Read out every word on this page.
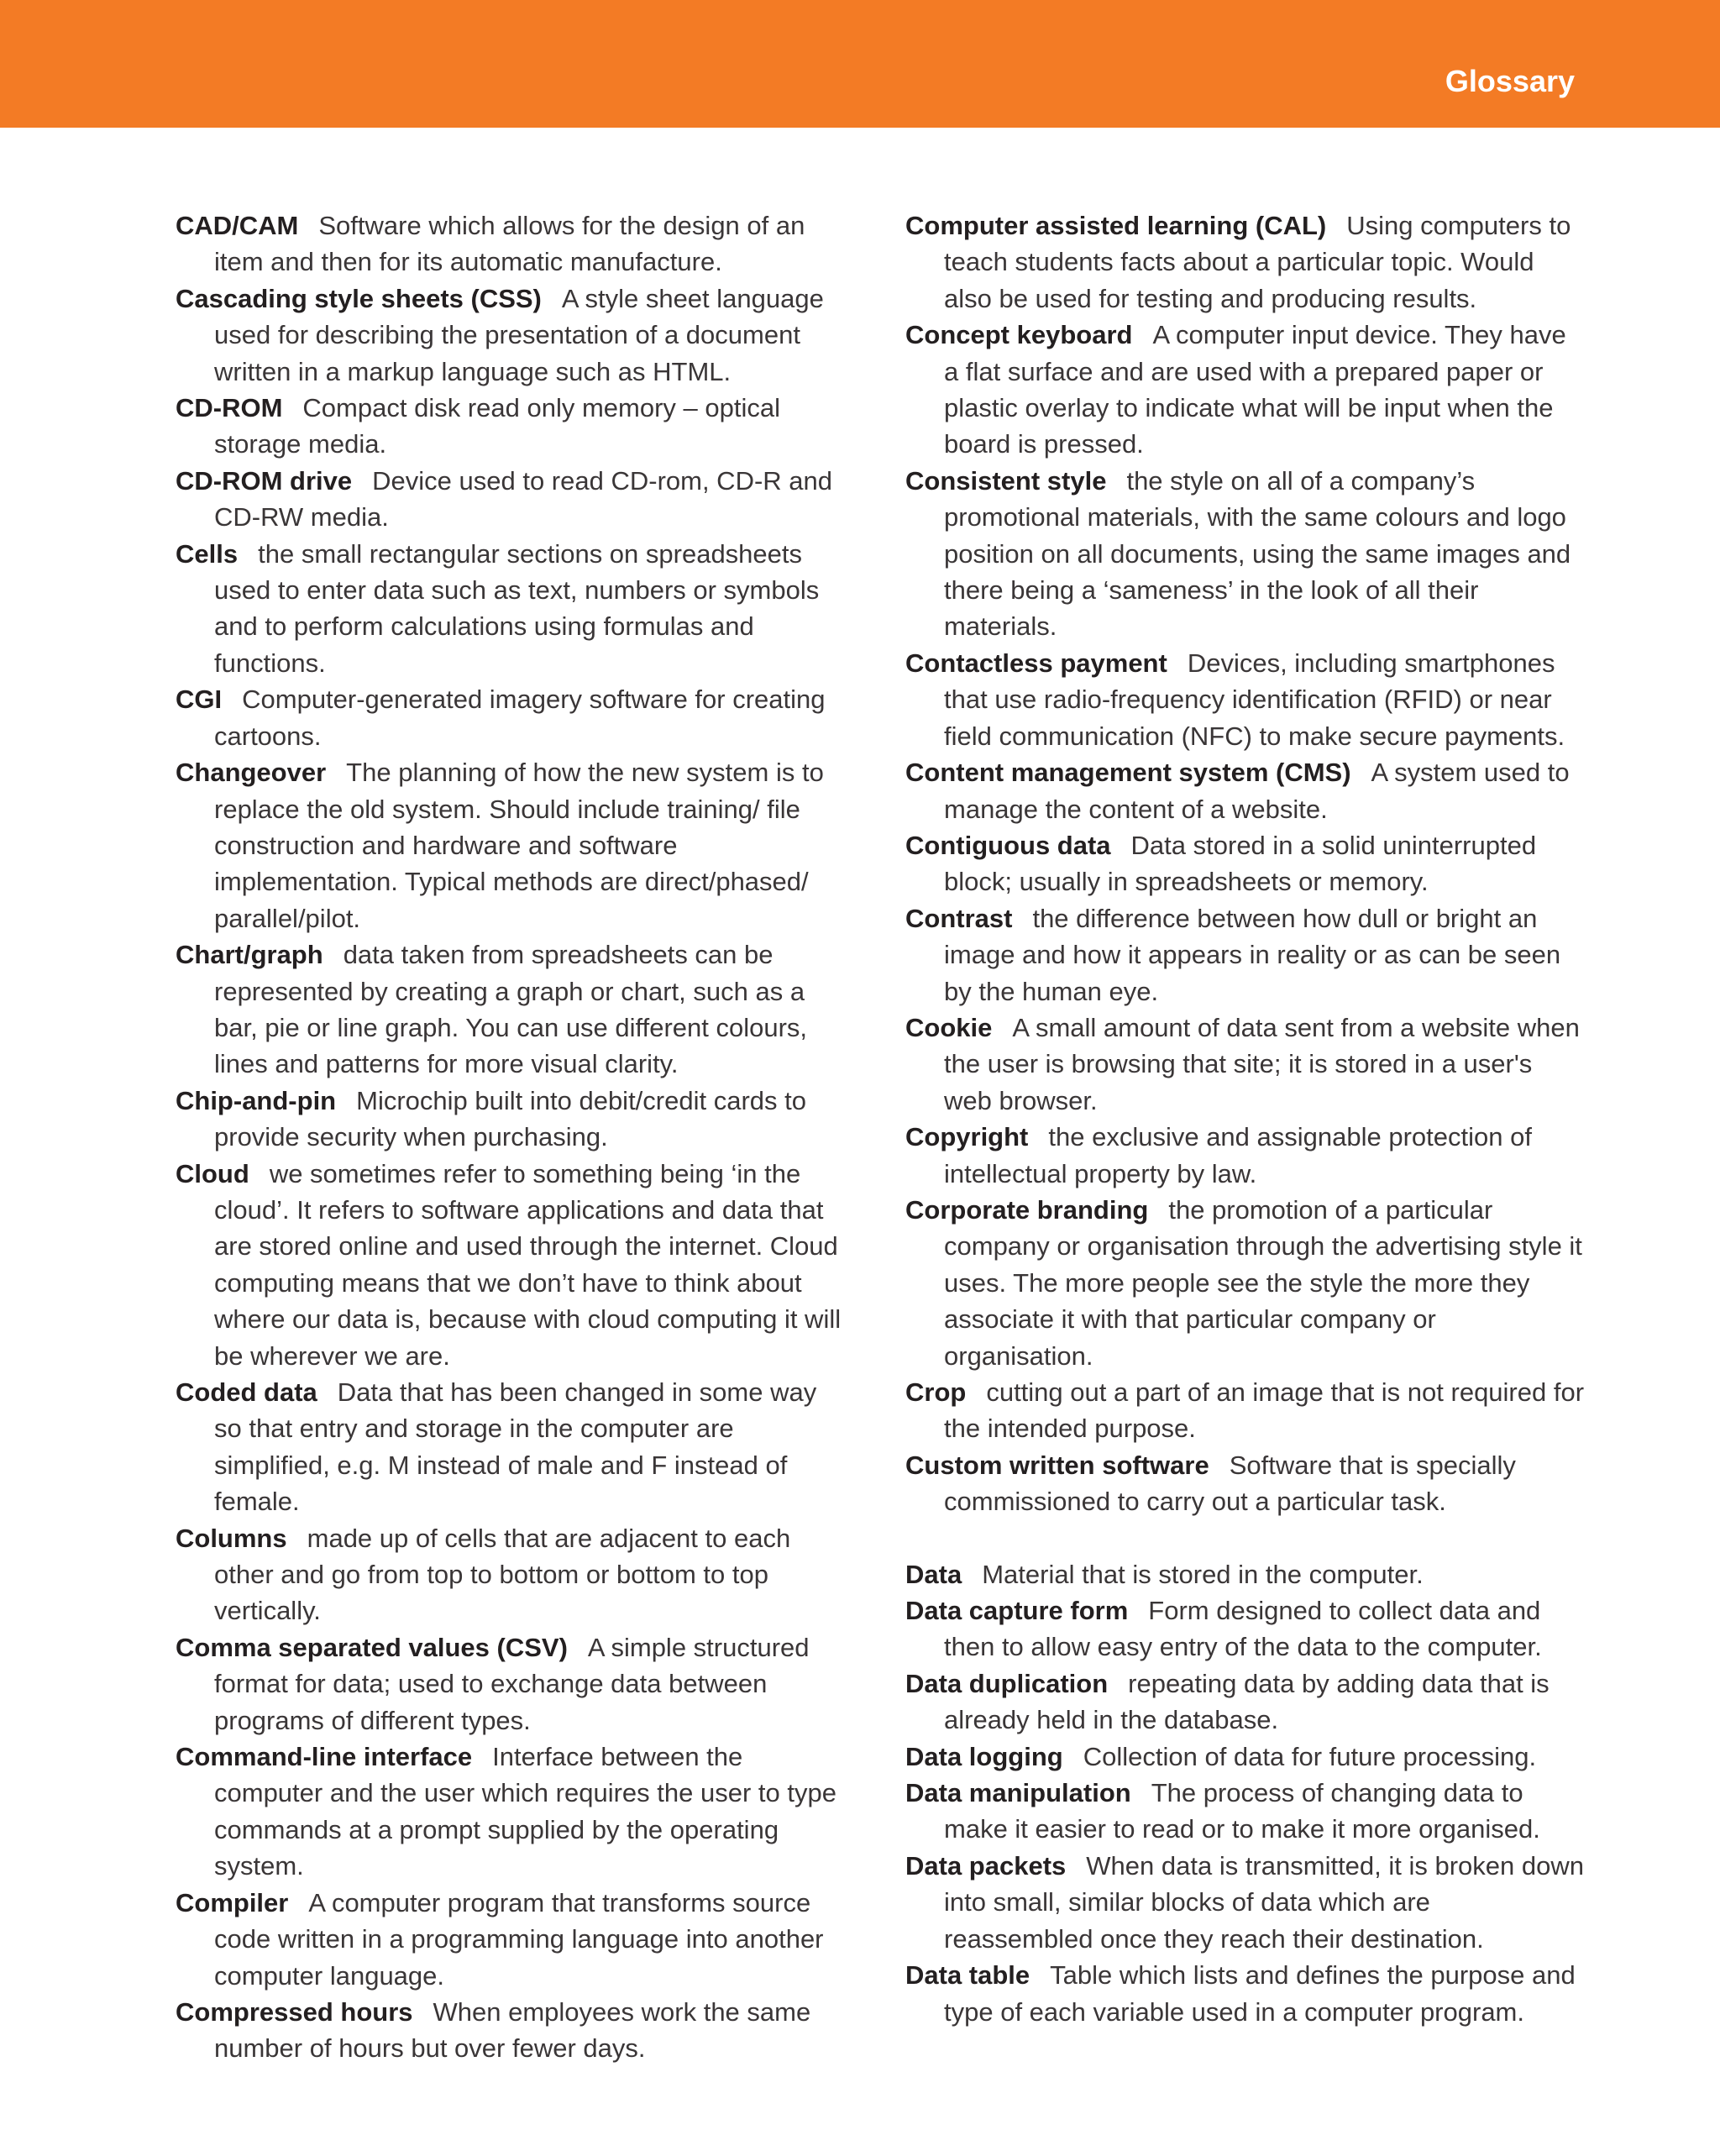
Glossary

CAD/CAM Software which allows for the design of an item and then for its automatic manufacture.

Cascading style sheets (CSS) A style sheet language used for describing the presentation of a document written in a markup language such as HTML.

CD-ROM Compact disk read only memory – optical storage media.

CD-ROM drive Device used to read CD-rom, CD-R and CD-RW media.

Cells the small rectangular sections on spreadsheets used to enter data such as text, numbers or symbols and to perform calculations using formulas and functions.

CGI Computer-generated imagery software for creating cartoons.

Changeover The planning of how the new system is to replace the old system. Should include training/ file construction and hardware and software implementation. Typical methods are direct/phased/ parallel/pilot.

Chart/graph data taken from spreadsheets can be represented by creating a graph or chart, such as a bar, pie or line graph. You can use different colours, lines and patterns for more visual clarity.

Chip-and-pin Microchip built into debit/credit cards to provide security when purchasing.

Cloud we sometimes refer to something being ‘in the cloud’. It refers to software applications and data that are stored online and used through the internet. Cloud computing means that we don’t have to think about where our data is, because with cloud computing it will be wherever we are.

Coded data Data that has been changed in some way so that entry and storage in the computer are simplified, e.g. M instead of male and F instead of female.

Columns made up of cells that are adjacent to each other and go from top to bottom or bottom to top vertically.

Comma separated values (CSV) A simple structured format for data; used to exchange data between programs of different types.

Command-line interface Interface between the computer and the user which requires the user to type commands at a prompt supplied by the operating system.

Compiler A computer program that transforms source code written in a programming language into another computer language.

Compressed hours When employees work the same number of hours but over fewer days.

Computer assisted learning (CAL) Using computers to teach students facts about a particular topic. Would also be used for testing and producing results.

Concept keyboard A computer input device. They have a flat surface and are used with a prepared paper or plastic overlay to indicate what will be input when the board is pressed.

Consistent style the style on all of a company’s promotional materials, with the same colours and logo position on all documents, using the same images and there being a ‘sameness’ in the look of all their materials.

Contactless payment Devices, including smartphones that use radio-frequency identification (RFID) or near field communication (NFC) to make secure payments.

Content management system (CMS) A system used to manage the content of a website.

Contiguous data Data stored in a solid uninterrupted block; usually in spreadsheets or memory.

Contrast the difference between how dull or bright an image and how it appears in reality or as can be seen by the human eye.

Cookie A small amount of data sent from a website when the user is browsing that site; it is stored in a user's web browser.

Copyright the exclusive and assignable protection of intellectual property by law.

Corporate branding the promotion of a particular company or organisation through the advertising style it uses. The more people see the style the more they associate it with that particular company or organisation.

Crop cutting out a part of an image that is not required for the intended purpose.

Custom written software Software that is specially commissioned to carry out a particular task.

Data Material that is stored in the computer.

Data capture form Form designed to collect data and then to allow easy entry of the data to the computer.

Data duplication repeating data by adding data that is already held in the database.

Data logging Collection of data for future processing.

Data manipulation The process of changing data to make it easier to read or to make it more organised.

Data packets When data is transmitted, it is broken down into small, similar blocks of data which are reassembled once they reach their destination.

Data table Table which lists and defines the purpose and type of each variable used in a computer program.
